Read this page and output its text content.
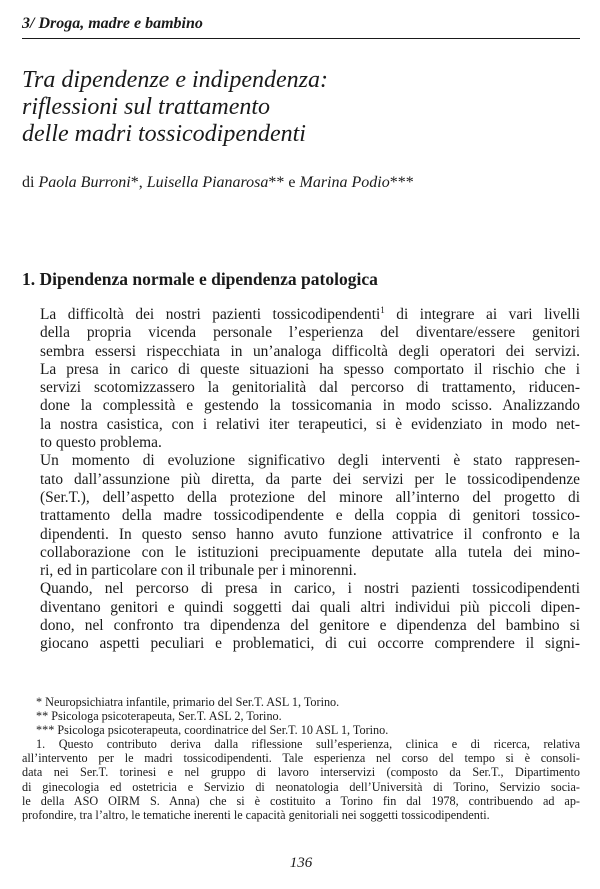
3/ Droga, madre e bambino
Tra dipendenze e indipendenza:
riflessioni sul trattamento
delle madri tossicodipendenti
di Paola Burroni*, Luisella Pianarosa** e Marina Podio***
1. Dipendenza normale e dipendenza patologica
La difficoltà dei nostri pazienti tossicodipendenti$^1$ di integrare ai vari livelli
della propria vicenda personale l’esperienza del diventare/essere genitori
sembra essersi rispecchiata in un’analoga difficoltà degli operatori dei servizi.
La presa in carico di queste situazioni ha spesso comportato il rischio che i
servizi scotomizzassero la genitorialità dal percorso di trattamento, riducen-
done la complessità e gestendo la tossicomania in modo scisso. Analizzando
la nostra casistica, con i relativi iter terapeutici, si è evidenziato in modo net-
to questo problema.
Un momento di evoluzione significativo degli interventi è stato rappresen-
tato dall’assunzione più diretta, da parte dei servizi per le tossicodipendenze
(Ser.T.), dell’aspetto della protezione del minore all’interno del progetto di
trattamento della madre tossicodipendente e della coppia di genitori tossico-
dipendenti. In questo senso hanno avuto funzione attivatrice il confronto e la
collaborazione con le istituzioni precipuamente deputate alla tutela dei mino-
ri, ed in particolare con il tribunale per i minorenni.
Quando, nel percorso di presa in carico, i nostri pazienti tossicodipendenti
diventano genitori e quindi soggetti dai quali altri individui più piccoli dipen-
dono, nel confronto tra dipendenza del genitore e dipendenza del bambino si
giocano aspetti peculiari e problematici, di cui occorre comprendere il signi-
* Neuropsichiatra infantile, primario del Ser.T. ASL 1, Torino.
** Psicologa psicoterapeuta, Ser.T. ASL 2, Torino.
*** Psicologa psicoterapeuta, coordinatrice del Ser.T. 10 ASL 1, Torino.
1. Questo contributo deriva dalla riflessione sull’esperienza, clinica e di ricerca, relativa
all’intervento per le madri tossicodipendenti. Tale esperienza nel corso del tempo si è consoli-
data nei Ser.T. torinesi e nel gruppo di lavoro interservizi (composto da Ser.T., Dipartimento
di ginecologia ed ostetricia e Servizio di neonatologia dell’Università di Torino, Servizio socia-
le della ASO OIRM S. Anna) che si è costituito a Torino fin dal 1978, contribuendo ad ap-
profondire, tra l’altro, le tematiche inerenti le capacità genitoriali nei soggetti tossicodipendenti.
136
